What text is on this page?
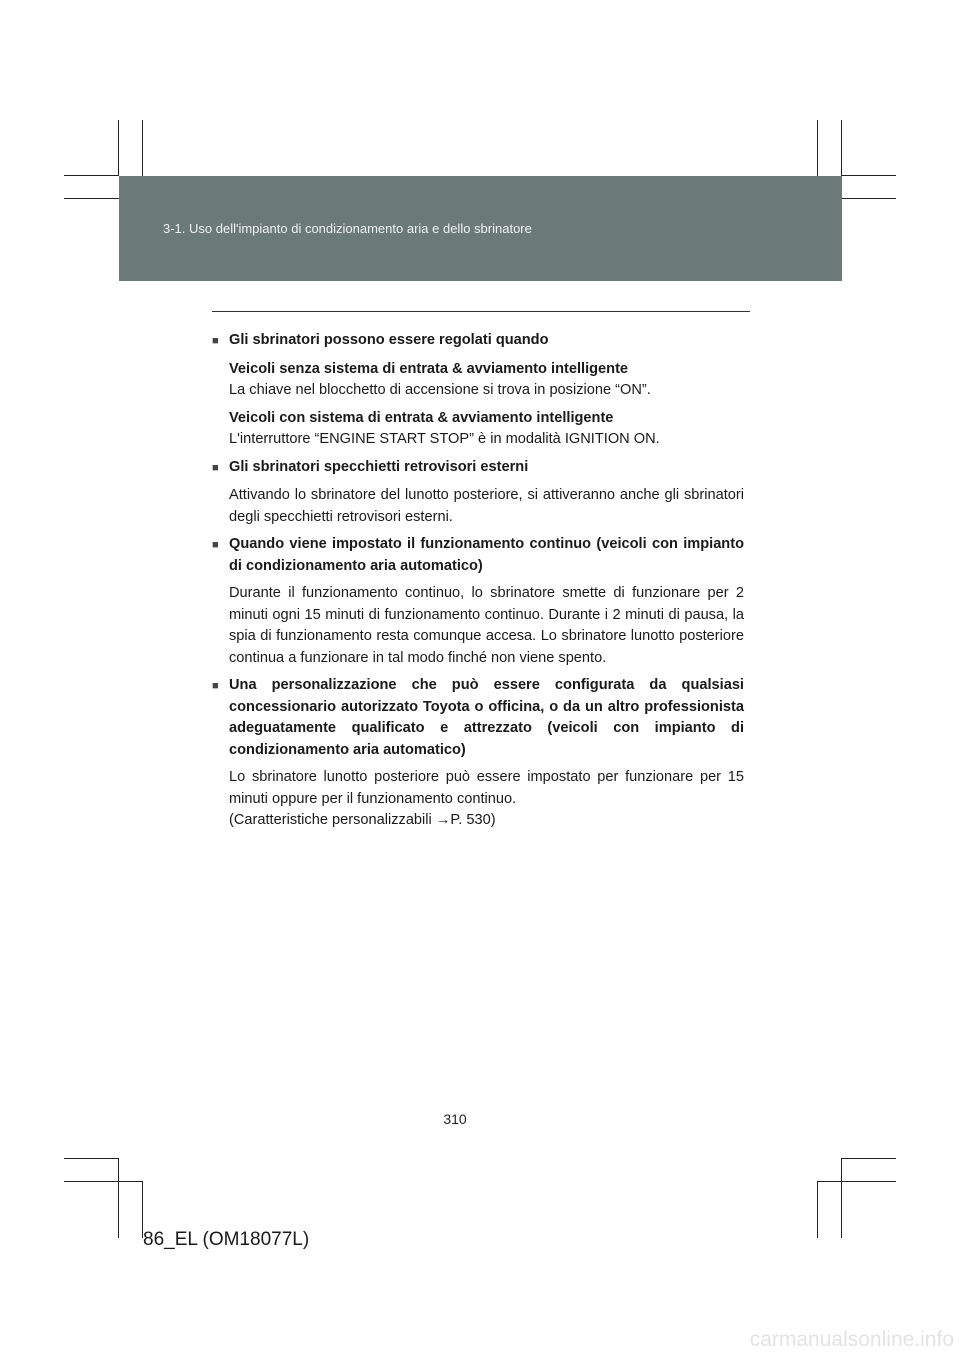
3-1. Uso dell'impianto di condizionamento aria e dello sbrinatore
■ Gli sbrinatori possono essere regolati quando
Veicoli senza sistema di entrata & avviamento intelligente
La chiave nel blocchetto di accensione si trova in posizione “ON”.
Veicoli con sistema di entrata & avviamento intelligente
L'interruttore “ENGINE START STOP” è in modalità IGNITION ON.
■ Gli sbrinatori specchietti retrovisori esterni
Attivando lo sbrinatore del lunotto posteriore, si attiveranno anche gli sbrinatori degli specchietti retrovisori esterni.
■ Quando viene impostato il funzionamento continuo (veicoli con impianto di condizionamento aria automatico)
Durante il funzionamento continuo, lo sbrinatore smette di funzionare per 2 minuti ogni 15 minuti di funzionamento continuo. Durante i 2 minuti di pausa, la spia di funzionamento resta comunque accesa. Lo sbrinatore lunotto posteriore continua a funzionare in tal modo finché non viene spento.
■ Una personalizzazione che può essere configurata da qualsiasi concessionario autorizzato Toyota o officina, o da un altro professionista adeguatamente qualificato e attrezzato (veicoli con impianto di condizionamento aria automatico)
Lo sbrinatore lunotto posteriore può essere impostato per funzionare per 15 minuti oppure per il funzionamento continuo.
(Caratteristiche personalizzabili →P. 530)
310
86_EL (OM18077L)
carmanualsonline.info
